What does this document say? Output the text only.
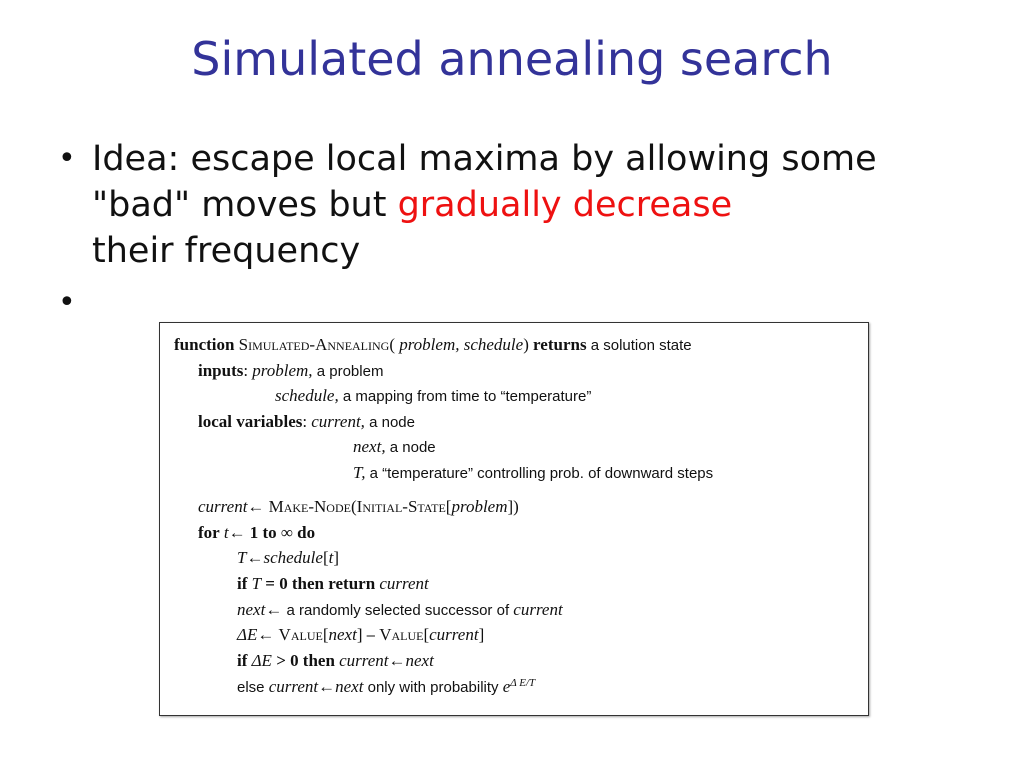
Simulated annealing search
• Idea: escape local maxima by allowing some "bad" moves but gradually decrease
their frequency
•
function Simulated-Annealing( problem, schedule) returns a solution state
inputs: problem, a problem
schedule, a mapping from time to “temperature”
local variables: current, a node
next, a node
T, a “temperature” controlling prob. of downward steps
current← Make-Node(Initial-State[problem])
for t← 1 to ∞ do
T←schedule[t]
if T = 0 then return current
next← a randomly selected successor of current
ΔE← Value[next] – Value[current]
if ΔE > 0 then current←next
else current←next only with probability $e^{\Delta E/T}$
